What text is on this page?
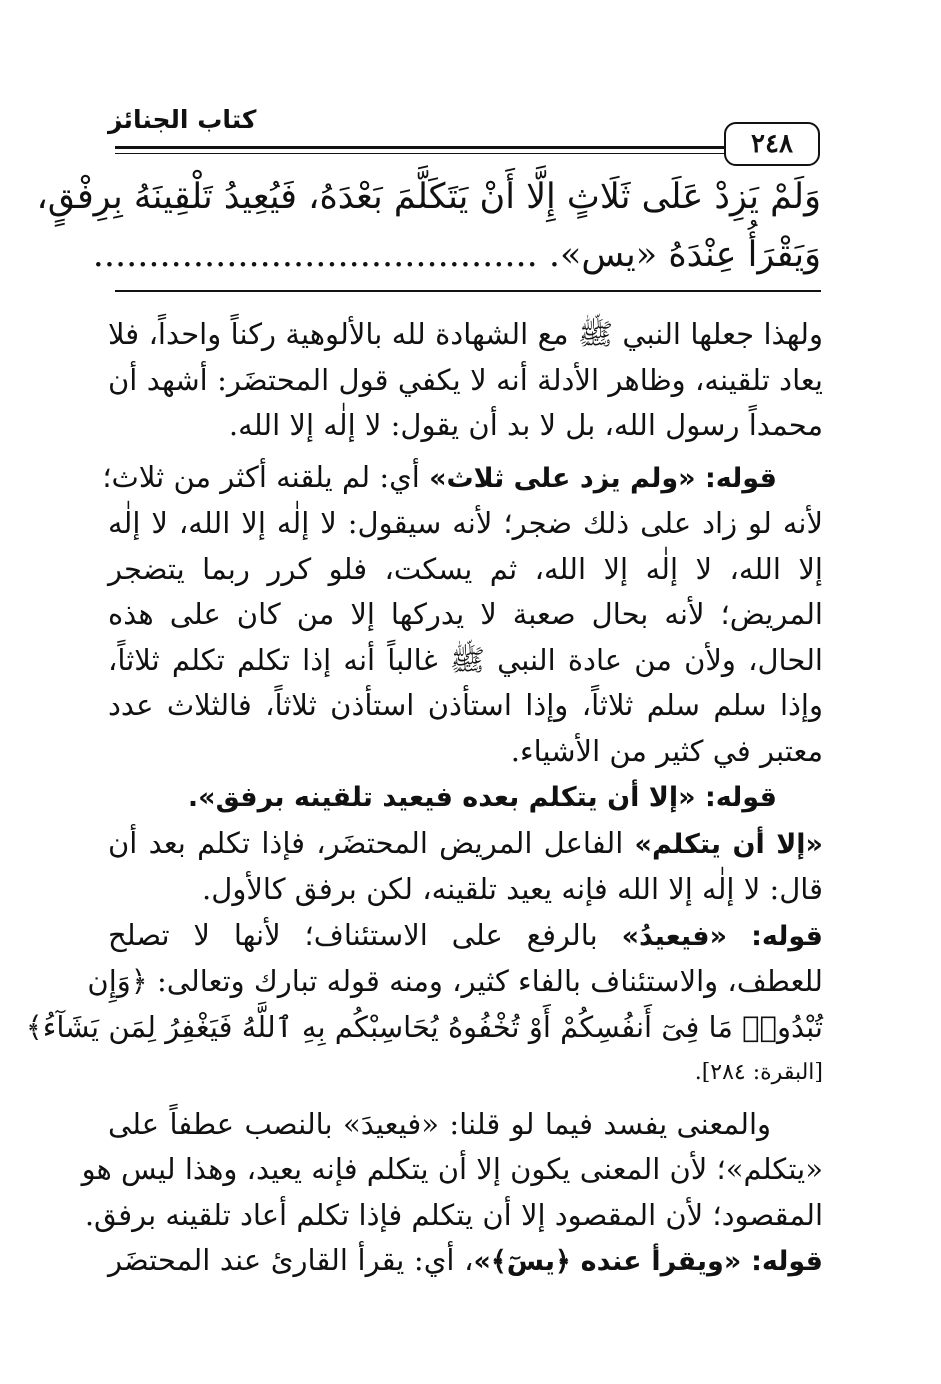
كتاب الجنائز
٢٤٨
وَلَمْ يَزِدْ عَلَى ثَلَاثٍ إِلَّا أَنْ يَتَكَلَّمَ بَعْدَهُ، فَيُعِيدُ تَلْقِينَهُ بِرِفْقٍ،
وَيَقْرَأُ عِنْدَهُ «يس». ........................................
ولهذا جعلها النبي ﷺ مع الشهادة لله بالألوهية ركناً واحداً، فلا
يعاد تلقينه، وظاهر الأدلة أنه لا يكفي قول المحتضَر: أشهد أن
محمداً رسول الله، بل لا بد أن يقول: لا إلٰه إلا الله.
قوله: «ولم يزد على ثلاث» أي: لم يلقنه أكثر من ثلاث؛
لأنه لو زاد على ذلك ضجر؛ لأنه سيقول: لا إلٰه إلا الله، لا إلٰه
إلا الله، لا إلٰه إلا الله، ثم يسكت، فلو كرر ربما يتضجر
المريض؛ لأنه بحال صعبة لا يدركها إلا من كان على هذه
الحال، ولأن من عادة النبي ﷺ غالباً أنه إذا تكلم تكلم ثلاثاً،
وإذا سلم سلم ثلاثاً، وإذا استأذن استأذن ثلاثاً، فالثلاث عدد
معتبر في كثير من الأشياء.
قوله: «إلا أن يتكلم بعده فيعيد تلقينه برفق».
«إلا أن يتكلم» الفاعل المريض المحتضَر، فإذا تكلم بعد أن
قال: لا إلٰه إلا الله فإنه يعيد تلقينه، لكن برفق كالأول.
قوله: «فيعيدُ» بالرفع على الاستئناف؛ لأنها لا تصلح
للعطف، والاستئناف بالفاء كثير، ومنه قوله تبارك وتعالى: ﴿وَإِن
تُبْدُوا۟ مَا فِىٓ أَنفُسِكُمْ أَوْ تُخْفُوهُ يُحَاسِبْكُم بِهِ ٱللَّهُ فَيَغْفِرُ لِمَن يَشَآءُ﴾
[البقرة: ٢٨٤].
والمعنى يفسد فيما لو قلنا: «فيعيدَ» بالنصب عطفاً على
«يتكلم»؛ لأن المعنى يكون إلا أن يتكلم فإنه يعيد، وهذا ليس هو
المقصود؛ لأن المقصود إلا أن يتكلم فإذا تكلم أعاد تلقينه برفق.
قوله: «ويقرأ عنده ﴿يسٓ﴾»، أي: يقرأ القارئ عند المحتضَر
